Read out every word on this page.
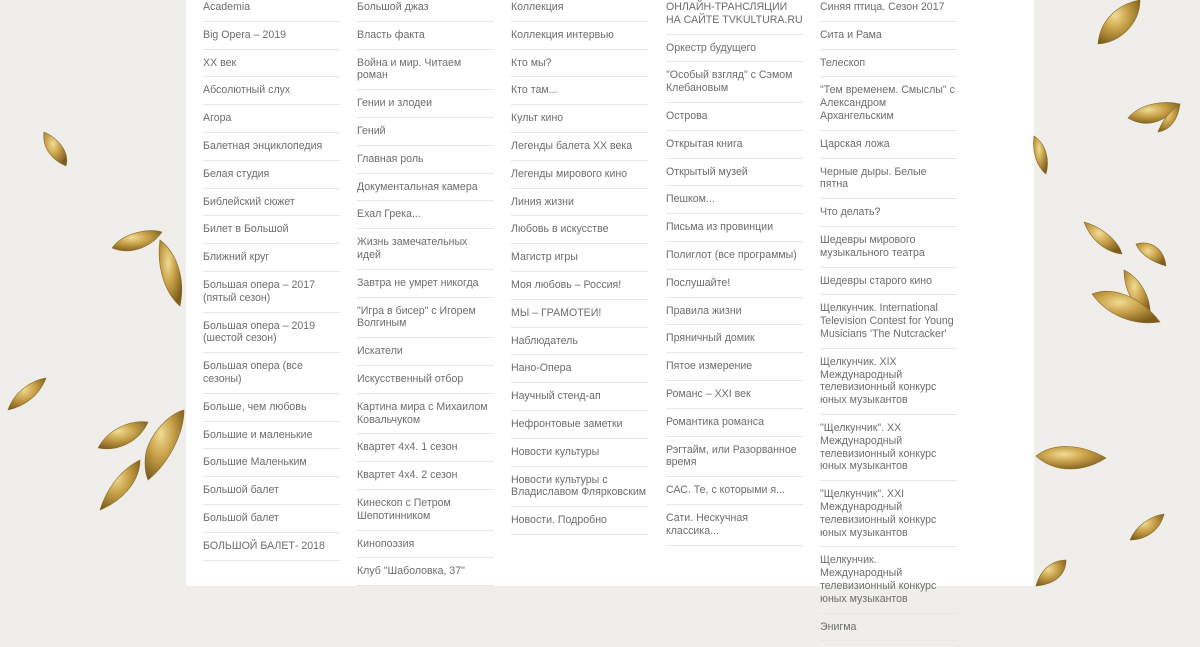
Academia
Big Opera – 2019
XX век
Абсолютный слух
Агора
Балетная энциклопедия
Белая студия
Библейский сюжет
Билет в Большой
Ближний круг
Большая опера – 2017 (пятый сезон)
Большая опера – 2019 (шестой сезон)
Большая опера (все сезоны)
Больше, чем любовь
Большие и маленькие
Большие Маленьким
Большой балет
Большой балет
БОЛЬШОЙ БАЛЕТ- 2018
Большой джаз
Власть факта
Война и мир. Читаем роман
Гении и злодеи
Гений
Главная роль
Документальная камера
Ехал Грека...
Жизнь замечательных идей
Завтра не умрет никогда
"Игра в бисер" с Игорем Волгиным
Искатели
Искусственный отбор
Картина мира с Михаилом Ковальчуком
Квартет 4х4. 1 сезон
Квартет 4х4. 2 сезон
Кинескоп с Петром Шепотинником
Кинопоэзия
Клуб "Шаболовка, 37"
Коллекция
Коллекция интервью
Кто мы?
Кто там...
Культ кино
Легенды балета XX века
Легенды мирового кино
Линия жизни
Любовь в искусстве
Магистр игры
Моя любовь – Россия!
МЫ – ГРАМОТЕИ!
Наблюдатель
Нано-Опера
Научный стенд-ап
Нефронтовые заметки
Новости культуры
Новости культуры с Владиславом Флярковским
Новости. Подробно
ОНЛАЙН-ТРАНСЛЯЦИИ НА САЙТЕ TVKULTURA.RU
Оркестр будущего
"Особый взгляд" с Сэмом Клебановым
Острова
Открытая книга
Открытый музей
Пешком...
Письма из провинции
Полиглот (все программы)
Послушайте!
Правила жизни
Пряничный домик
Пятое измерение
Романс – XXI век
Романтика романса
Рэгтайм, или Разорванное время
САС. Те, с которыми я...
Сати. Нескучная классика...
Синяя птица. Сезон 2017
Сита и Рама
Телескоп
"Тем временем. Смыслы" с Александром Архангельским
Царская ложа
Черные дыры. Белые пятна
Что делать?
Шедевры мирового музыкального театра
Шедевры старого кино
Щелкунчик. International Television Contest for Young Musicians 'The Nutcracker'
Щелкунчик. XIX Международный телевизионный конкурс юных музыкантов
"Щелкунчик". XX Международный телевизионный конкурс юных музыкантов
"Щелкунчик". XXI Международный телевизионный конкурс юных музыкантов
Щелкунчик. Международный телевизионный конкурс юных музыкантов
Энигма
